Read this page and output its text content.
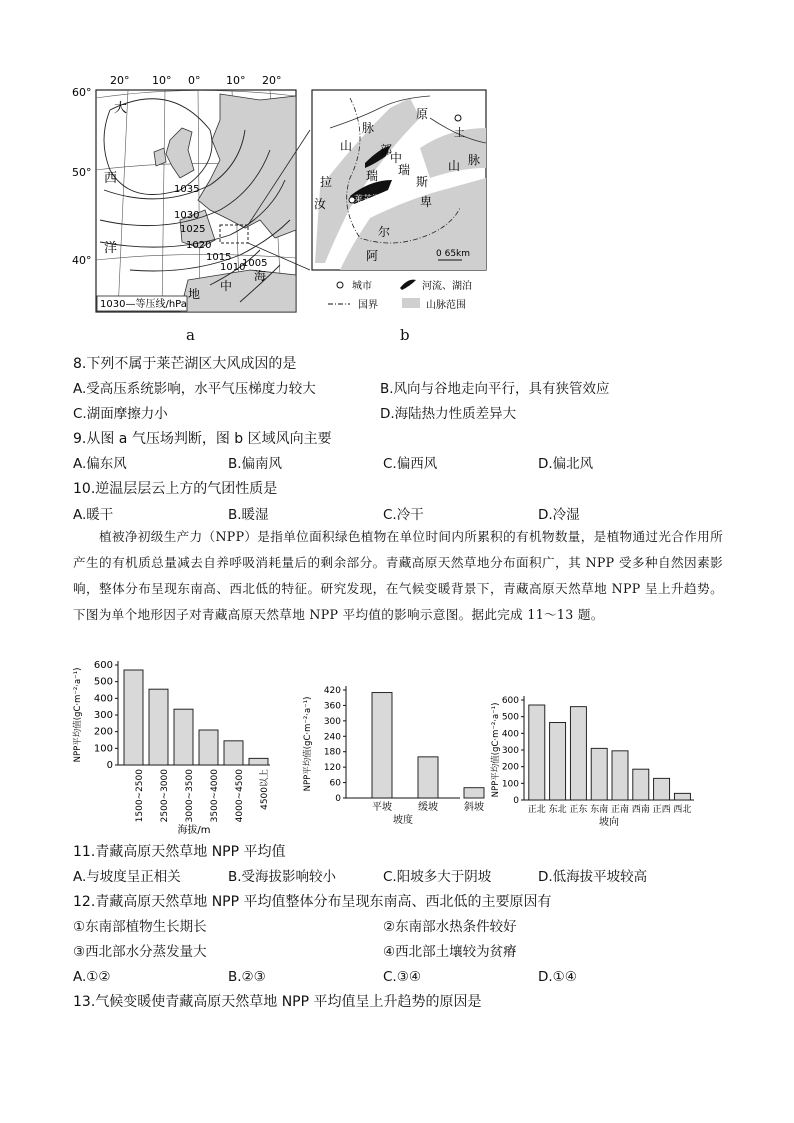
20° 10° 0° 10° 20°
60°
50°
40°
大
西
洋
地
中
海
1035
1030
1025
1020
1015
1010
1005
1030—等压线/hPa
a
山
脉
原
土
中
部
瑞	斯
拉
汝	莱芒湖	卑
尔
阿
山 脉
瑞
0 65km
城市	河流、湖泊
国界	山脉范围
b
8.下列不属于莱芒湖区大风成因的是
A.受高压系统影响，水平气压梯度力较大	B.风向与谷地走向平行，具有狭管效应
C.湖面摩擦力小	D.海陆热力性质差异大
9.从图 a 气压场判断，图 b 区域风向主要
A.偏东风	B.偏南风	C.偏西风	D.偏北风
10.逆温层层云上方的气团性质是
A.暖干	B.暖湿	C.冷干	D.冷湿
植被净初级生产力（NPP）是指单位面积绿色植物在单位时间内所累积的有机物数量，是植物通过光合作用所产生的有机质总量减去自养呼吸消耗量后的剩余部分。青藏高原天然草地分布面积广，其 NPP 受多种自然因素影响，整体分布呈现东南高、西北低的特征。研究发现，在气候变暖背景下，青藏高原天然草地 NPP 呈上升趋势。下图为单个地形因子对青藏高原天然草地 NPP 平均值的影响示意图。据此完成 11～13 题。
0
100
200
300
400
500
600
1500~2500 2500~3000 3000~3500 3500~4000 4000~4500 4500以上
海拔/m
NPP平均值(gC·m⁻²·a⁻¹)
0
60
120
180
240
300
360
420
平坡	缓坡	斜坡
坡度
NPP平均值(gC·m⁻²·a⁻¹)
0
100
200
300
400
500
600
正北 东北 正东 东南 正南 西南 正西 西北
坡向
NPP平均值(gC·m⁻²·a⁻¹)
11.青藏高原天然草地 NPP 平均值
A.与坡度呈正相关	B.受海拔影响较小	C.阳坡多大于阴坡	D.低海拔平坡较高
12.青藏高原天然草地 NPP 平均值整体分布呈现东南高、西北低的主要原因有
①东南部植物生长期长	②东南部水热条件较好
③西北部水分蒸发量大	④西北部土壤较为贫瘠
A.①②	B.②③	C.③④	D.①④
13.气候变暖使青藏高原天然草地 NPP 平均值呈上升趋势的原因是
